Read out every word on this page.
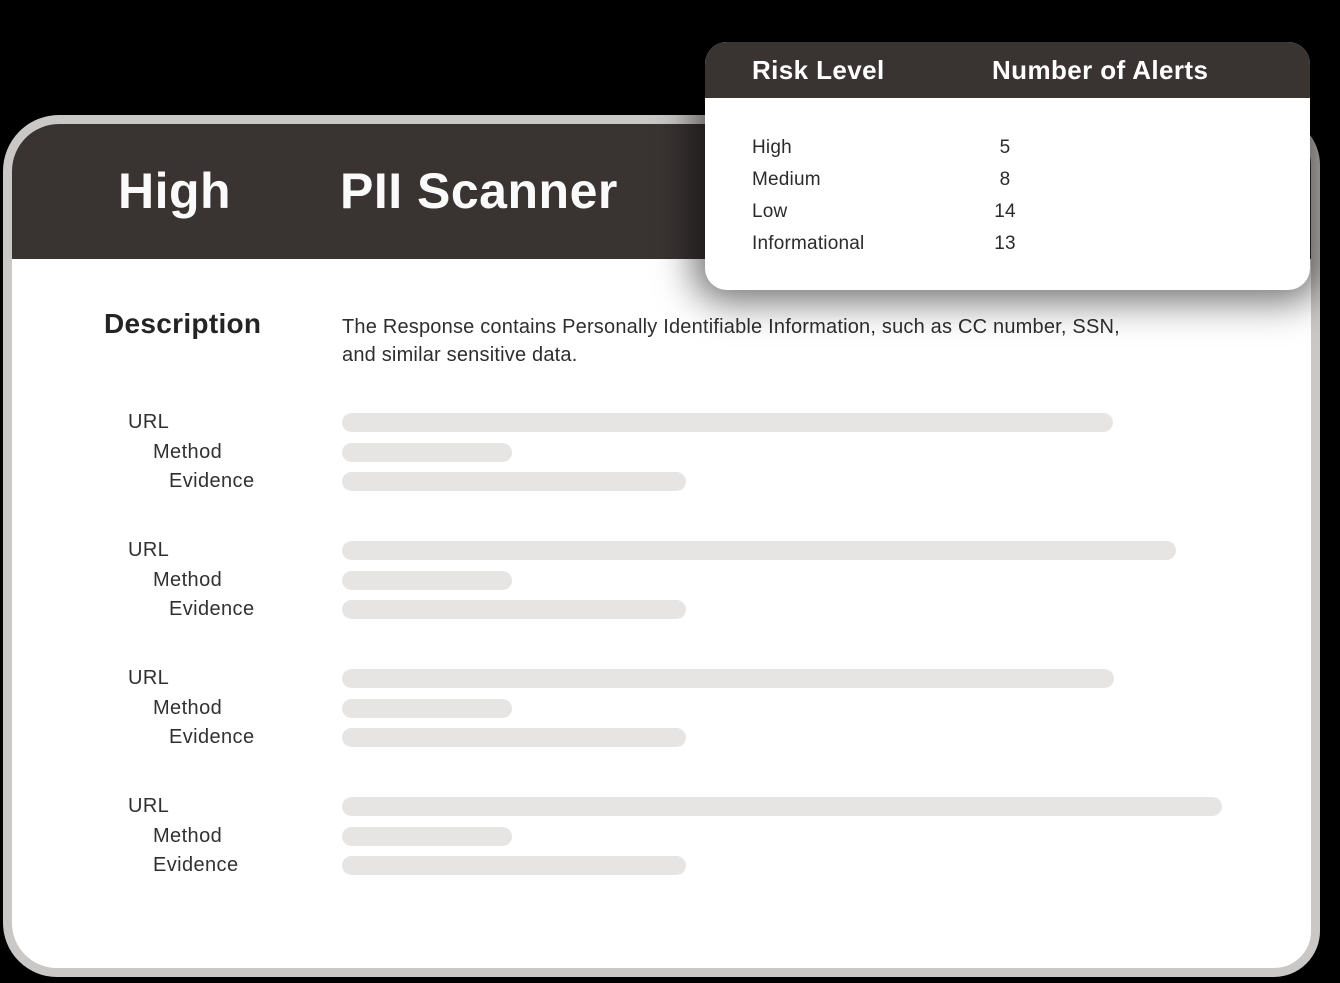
High PII Scanner
Description	The Response contains Personally Identifiable Information, such as CC number, SSN,
and similar sensitive data.
URL
Method
Evidence
URL
Method
Evidence
URL
Method
Evidence
URL
Method
Evidence
Risk Level	Number of Alerts
High	5
Medium	8
Low	14
Informational	13
